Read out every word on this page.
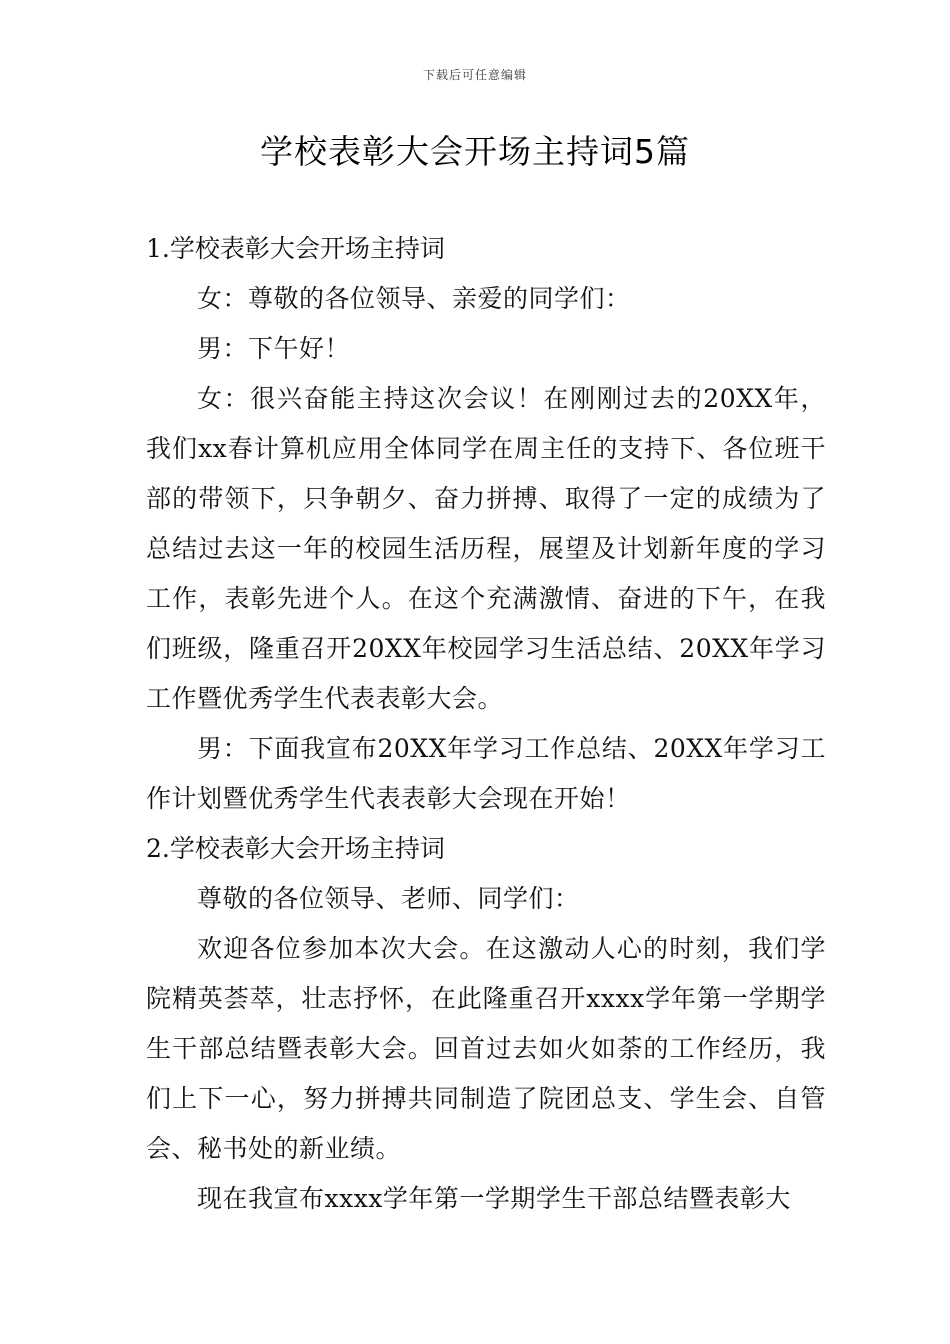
下载后可任意编辑
学校表彰大会开场主持词5篇

1.学校表彰大会开场主持词

女：尊敬的各位领导、亲爱的同学们：

男：下午好！

女：很兴奋能主持这次会议！在刚刚过去的20XX年，我们xx春计算机应用全体同学在周主任的支持下、各位班干部的带领下，只争朝夕、奋力拼搏、取得了一定的成绩为了总结过去这一年的校园生活历程，展望及计划新年度的学习工作，表彰先进个人。在这个充满激情、奋进的下午，在我们班级，隆重召开20XX年校园学习生活总结、20XX年学习工作暨优秀学生代表表彰大会。

男：下面我宣布20XX年学习工作总结、20XX年学习工作计划暨优秀学生代表表彰大会现在开始！

2.学校表彰大会开场主持词

尊敬的各位领导、老师、同学们：

欢迎各位参加本次大会。在这激动人心的时刻，我们学院精英荟萃，壮志抒怀，在此隆重召开xxxx学年第一学期学生干部总结暨表彰大会。回首过去如火如荼的工作经历，我们上下一心，努力拼搏共同制造了院团总支、学生会、自管会、秘书处的新业绩。

现在我宣布xxxx学年第一学期学生干部总结暨表彰大
